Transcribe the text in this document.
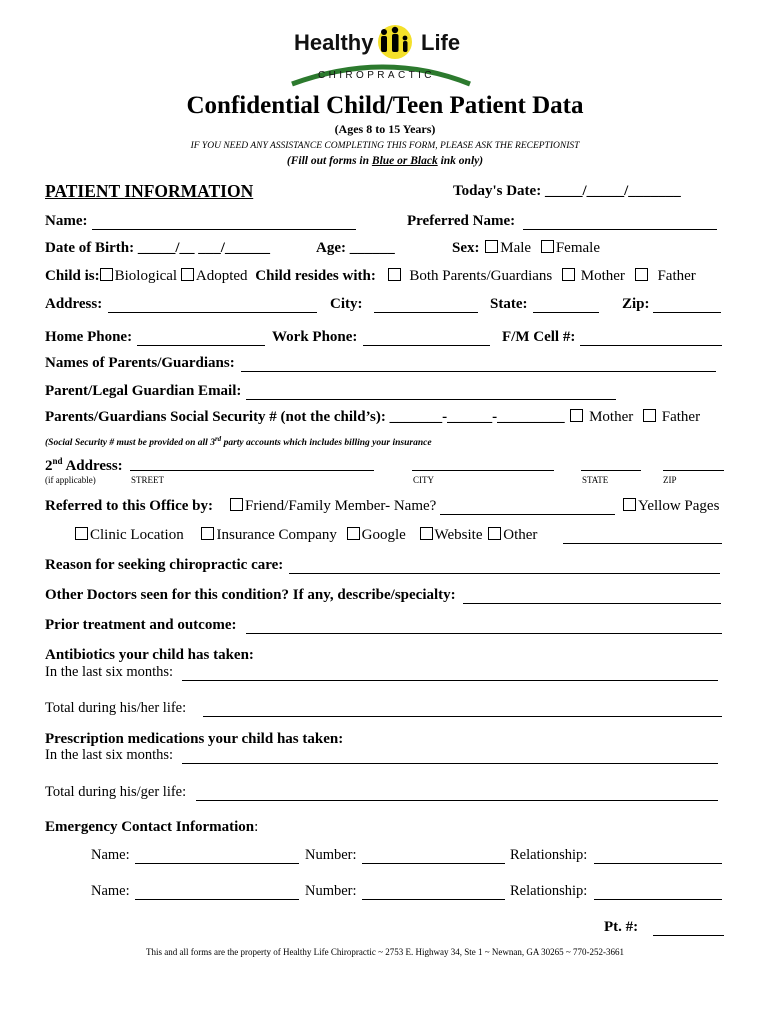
Healthy Life
CHIROPRACTIC
Confidential Child/Teen Patient Data
(Ages 8 to 15 Years)
IF YOU NEED ANY ASSISTANCE COMPLETING THIS FORM, PLEASE ASK THE RECEPTIONIST
(Fill out forms in Blue or Black ink only)
PATIENT INFORMATION	Today's Date: _____/_____/_______
Name:	Preferred Name:
Date of Birth: _____/__ ___/______	Age: ______	Sex: Male Female
Child is: Biological Adopted Child resides with: Both Parents/Guardians Mother Father
Address:	City:	State:	Zip:
Home Phone:	Work Phone:	F/M Cell #:
Names of Parents/Guardians:
Parent/Legal Guardian Email:
Parents/Guardians Social Security # (not the child’s): _______-______-_________ Mother Father
(Social Security # must be provided on all 3rd party accounts which includes billing your insurance
2nd Address:
(if applicable)	STREET	CITY	STATE	ZIP
Referred to this Office by:	Friend/Family Member- Name?	Yellow Pages
Clinic Location Insurance Company Google Website Other
Reason for seeking chiropractic care:
Other Doctors seen for this condition? If any, describe/specialty:
Prior treatment and outcome:
Antibiotics your child has taken:
In the last six months:
Total during his/her life:
Prescription medications your child has taken:
In the last six months:
Total during his/ger life:
Emergency Contact Information:
Name:	Number:	Relationship:
Name:	Number:	Relationship:
Pt. #:
This and all forms are the property of Healthy Life Chiropractic ~ 2753 E. Highway 34, Ste 1 ~ Newnan, GA 30265 ~ 770-252-3661
